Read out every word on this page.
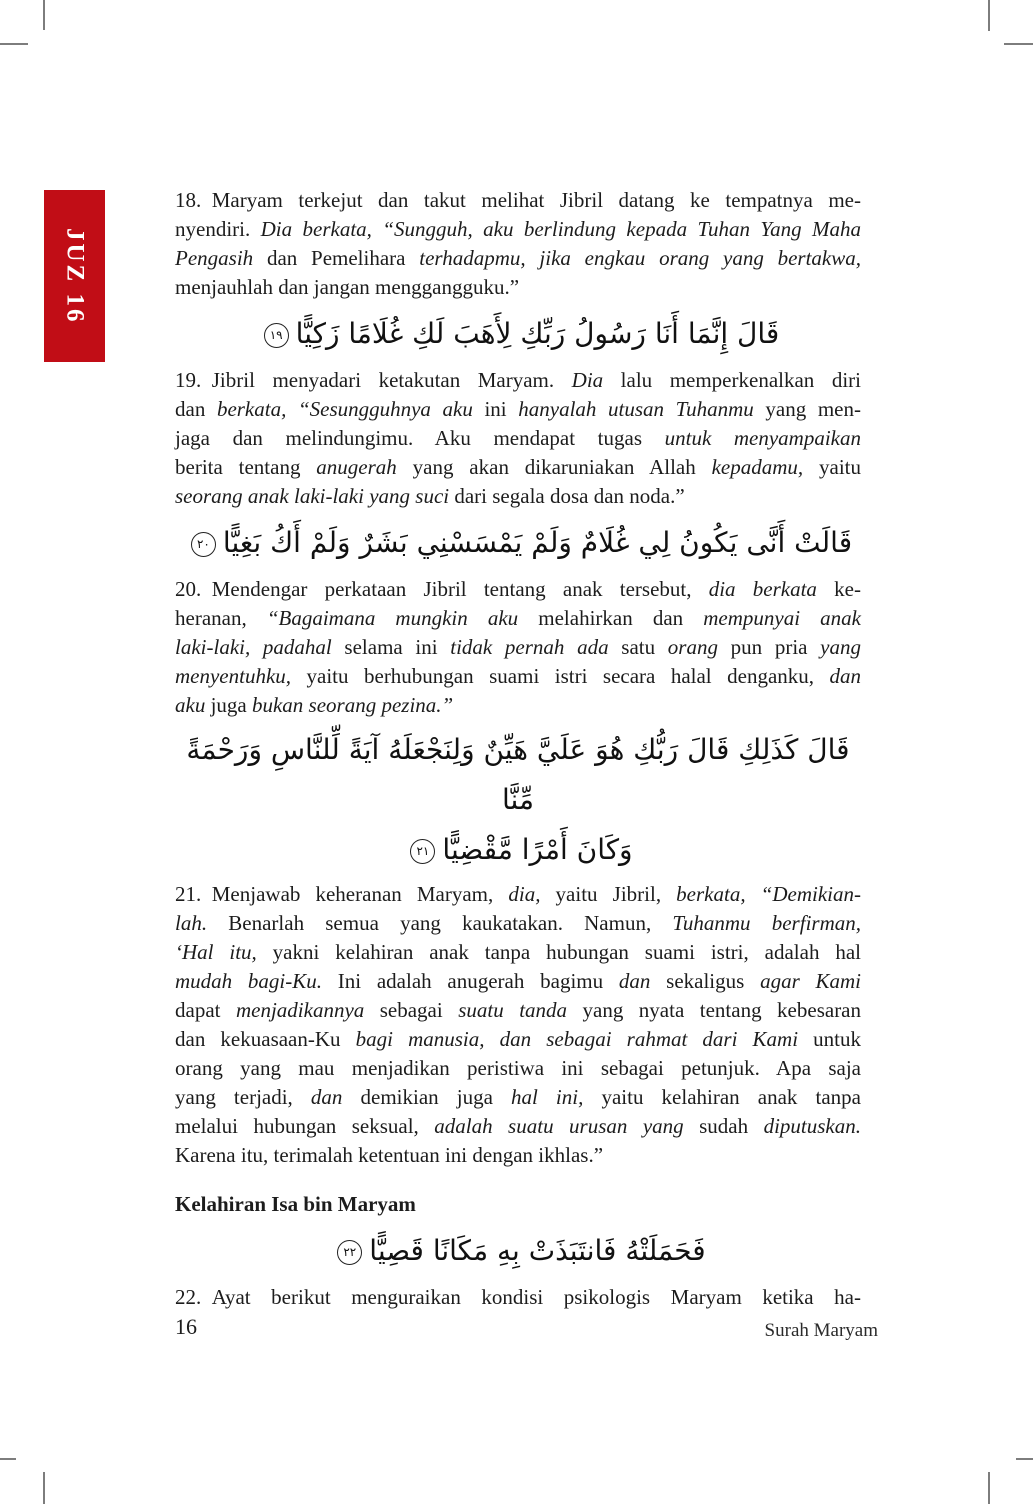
JUZ 16
18. Maryam terkejut dan takut melihat Jibril datang ke tempatnya me-
nyendiri. Dia berkata, “Sungguh, aku berlindung kepada Tuhan Yang Maha
Pengasih dan Pemelihara terhadapmu, jika engkau orang yang bertakwa,
menjauhlah dan jangan menggangguku.”
قَالَ إِنَّمَا أَنَا رَسُولُ رَبِّكِ لِأَهَبَ لَكِ غُلَامًا زَكِيًّا١٩
19. Jibril menyadari ketakutan Maryam. Dia lalu memperkenalkan diri
dan berkata, “Sesungguhnya aku ini hanyalah utusan Tuhanmu yang men-
jaga dan melindungimu. Aku mendapat tugas untuk menyampaikan
berita tentang anugerah yang akan dikaruniakan Allah kepadamu, yaitu
seorang anak laki-laki yang suci dari segala dosa dan noda.”
قَالَتْ أَنَّى يَكُونُ لِي غُلَامٌ وَلَمْ يَمْسَسْنِي بَشَرٌ وَلَمْ أَكُ بَغِيًّا٢٠
20. Mendengar perkataan Jibril tentang anak tersebut, dia berkata ke-
heranan, “Bagaimana mungkin aku melahirkan dan mempunyai anak
laki-laki, padahal selama ini tidak pernah ada satu orang pun pria yang
menyentuhku, yaitu berhubungan suami istri secara halal denganku, dan
aku juga bukan seorang pezina.”
قَالَ كَذَلِكِ قَالَ رَبُّكِ هُوَ عَلَيَّ هَيِّنٌ وَلِنَجْعَلَهُ آيَةً لِّلنَّاسِ وَرَحْمَةً مِّنَّا
وَكَانَ أَمْرًا مَّقْضِيًّا٢١
21. Menjawab keheranan Maryam, dia, yaitu Jibril, berkata, “Demikian-
lah. Benarlah semua yang kaukatakan. Namun, Tuhanmu berfirman,
‘Hal itu, yakni kelahiran anak tanpa hubungan suami istri, adalah hal
mudah bagi-Ku. Ini adalah anugerah bagimu dan sekaligus agar Kami
dapat menjadikannya sebagai suatu tanda yang nyata tentang kebesaran
dan kekuasaan-Ku bagi manusia, dan sebagai rahmat dari Kami untuk
orang yang mau menjadikan peristiwa ini sebagai petunjuk. Apa saja
yang terjadi, dan demikian juga hal ini, yaitu kelahiran anak tanpa
melalui hubungan seksual, adalah suatu urusan yang sudah diputuskan.
Karena itu, terimalah ketentuan ini dengan ikhlas.”
Kelahiran Isa bin Maryam
فَحَمَلَتْهُ فَانتَبَذَتْ بِهِ مَكَانًا قَصِيًّا٢٢
22. Ayat berikut menguraikan kondisi psikologis Maryam ketika ha-
16	Surah Maryam
